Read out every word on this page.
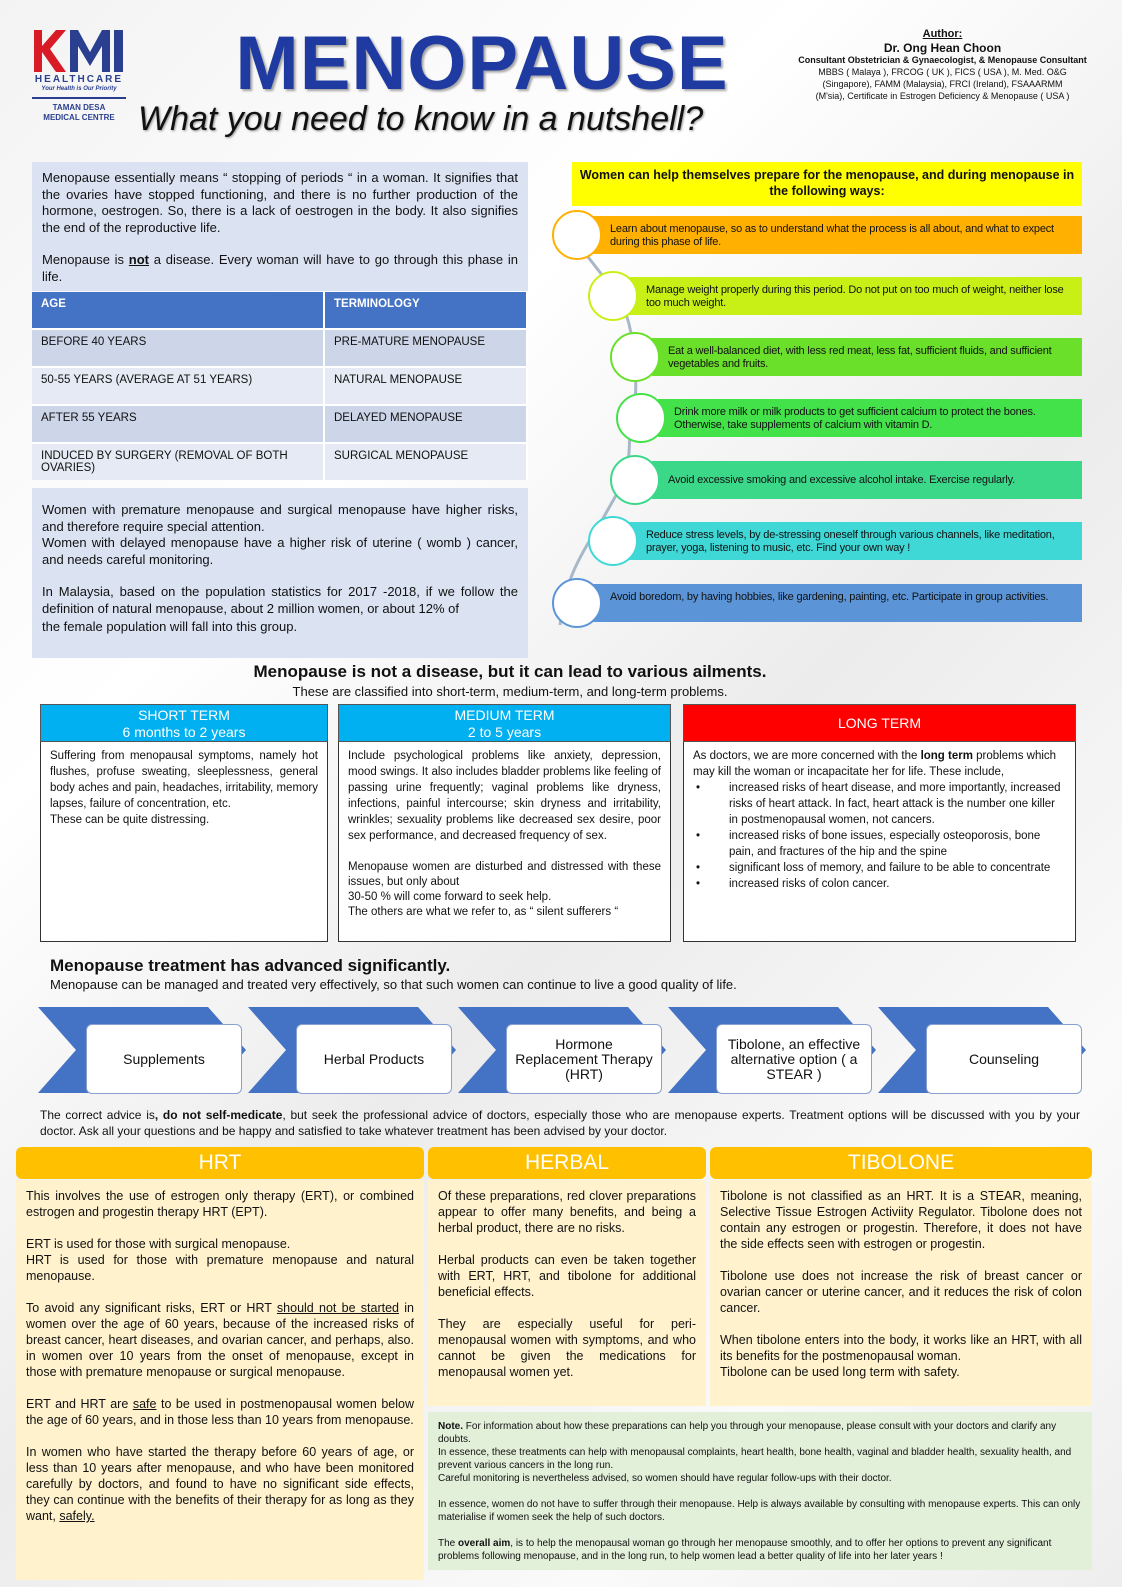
HEALTHCARE
Your Health is Our Priority
TAMAN DESA
MEDICAL CENTRE
MENOPAUSE
What you need to know in a nutshell?
Author:
Dr. Ong Hean Choon
Consultant Obstetrician & Gynaecologist, & Menopause Consultant
MBBS ( Malaya ), FRCOG ( UK ), FICS ( USA ), M. Med. O&G
(Singapore), FAMM (Malaysia), FRCI (Ireland), FSAAARMM
(M'sia), Certificate in Estrogen Deficiency & Menopause ( USA )

Menopause essentially means “ stopping of periods “ in a woman. It signifies that the ovaries have stopped functioning, and there is no further production of the hormone, oestrogen. So, there is a lack of oestrogen in the body. It also signifies the end of the reproductive life.

Menopause is not a disease. Every woman will have to go through this phase in life.

AGE	TERMINOLOGY
BEFORE 40 YEARS	PRE-MATURE MENOPAUSE
50-55 YEARS (AVERAGE AT 51 YEARS)	NATURAL MENOPAUSE
AFTER 55 YEARS	DELAYED MENOPAUSE
INDUCED BY SURGERY (REMOVAL OF BOTH OVARIES)	SURGICAL MENOPAUSE
Women with premature menopause and surgical menopause have higher risks, and therefore require special attention.
Women with delayed menopause have a higher risk of uterine ( womb ) cancer, and needs careful monitoring.
In Malaysia, based on the population statistics for 2017 -2018, if we follow the definition of natural menopause, about 2 million women, or about 12% of
the female population will fall into this group.
Women can help themselves prepare for the menopause, and during menopause in the following ways:
Learn about menopause, so as to understand what the process is all about, and what to expect during this phase of life.
Manage weight properly during this period. Do not put on too much of weight, neither lose too much weight.
Eat a well-balanced diet, with less red meat, less fat, sufficient fluids, and sufficient vegetables and fruits.
Drink more milk or milk products to get sufficient calcium to protect the bones. Otherwise, take supplements of calcium with vitamin D.
Avoid excessive smoking and excessive alcohol intake. Exercise regularly.
Reduce stress levels, by de-stressing oneself through various channels, like meditation, prayer, yoga, listening to music, etc. Find your own way !
Avoid boredom, by having hobbies, like gardening, painting, etc. Participate in group activities.
Menopause is not a disease, but it can lead to various ailments.
These are classified into short-term, medium-term, and long-term problems.
SHORT TERM
6 months to 2 years
Suffering from menopausal symptoms, namely hot flushes, profuse sweating, sleeplessness, general body aches and pain, headaches, irritability, memory lapses, failure of concentration, etc.
These can be quite distressing.
MEDIUM TERM
2 to 5 years
Include psychological problems like anxiety, depression, mood swings. It also includes bladder problems like feeling of passing urine frequently; vaginal problems like dryness, infections, painful intercourse; skin dryness and irritability, wrinkles; sexuality problems like decreased sex desire, poor sex performance, and decreased frequency of sex.
Menopause women are disturbed and distressed with these issues, but only about
30-50 % will come forward to seek help.
The others are what we refer to, as “ silent sufferers “
LONG TERM
As doctors, we are more concerned with the long term problems which may kill the woman or incapacitate her for life. These include,
• increased risks of heart disease, and more importantly, increased risks of heart attack. In fact, heart attack is the number one killer in postmenopausal women, not cancers.
• increased risks of bone issues, especially osteoporosis, bone pain, and fractures of the hip and the spine
• significant loss of memory, and failure to be able to concentrate
• increased risks of colon cancer.
Menopause treatment has advanced significantly.
Menopause can be managed and treated very effectively, so that such women can continue to live a good quality of life.
Supplements	Herbal Products
Hormone Replacement Therapy (HRT)
Tibolone, an effective alternative option ( a STEAR )
Counseling
The correct advice is, do not self-medicate, but seek the professional advice of doctors, especially those who are menopause experts. Treatment options will be discussed with you by your doctor. Ask all your questions and be happy and satisfied to take whatever treatment has been advised by your doctor.
HRT

This involves the use of estrogen only therapy (ERT), or combined estrogen and progestin therapy HRT (EPT).

ERT is used for those with surgical menopause.

HRT is used for those with premature menopause and natural menopause.

To avoid any significant risks, ERT or HRT should not be started in women over the age of 60 years, because of the increased risks of breast cancer, heart diseases, and ovarian cancer, and perhaps, also. in women over 10 years from the onset of menopause, except in those with premature menopause or surgical menopause.

ERT and HRT are safe to be used in postmenopausal women below the age of 60 years, and in those less than 10 years from menopause.

In women who have started the therapy before 60 years of age, or less than 10 years after menopause, and who have been monitored carefully by doctors, and found to have no significant side effects, they can continue with the benefits of their therapy for as long as they want, safely.

HERBAL

Of these preparations, red clover preparations appear to offer many benefits, and being a herbal product, there are no risks.

Herbal products can even be taken together with ERT, HRT, and tibolone for additional beneficial effects.

They are especially useful for peri-menopausal women with symptoms, and who cannot be given the medications for menopausal women yet.

TIBOLONE

Tibolone is not classified as an HRT. It is a STEAR, meaning, Selective Tissue Estrogen Activiity Regulator. Tibolone does not contain any estrogen or progestin. Therefore, it does not have the side effects seen with estrogen or progestin.

Tibolone use does not increase the risk of breast cancer or ovarian cancer or uterine cancer, and it reduces the risk of colon cancer.

When tibolone enters into the body, it works like an HRT, with all its benefits for the postmenopausal woman.
Tibolone can be used long term with safety.
Note. For information about how these preparations can help you through your menopause, please consult with your doctors and clarify any doubts.
In essence, these treatments can help with menopausal complaints, heart health, bone health, vaginal and bladder health, sexuality health, and prevent various cancers in the long run.

Careful monitoring is nevertheless advised, so women should have regular follow-ups with their doctor.

In essence, women do not have to suffer through their menopause. Help is always available by consulting with menopause experts. This can only materialise if women seek the help of such doctors.

The overall aim, is to help the menopausal woman go through her menopause smoothly, and to offer her options to prevent any significant problems following menopause, and in the long run, to help women lead a better quality of life into her later years !
